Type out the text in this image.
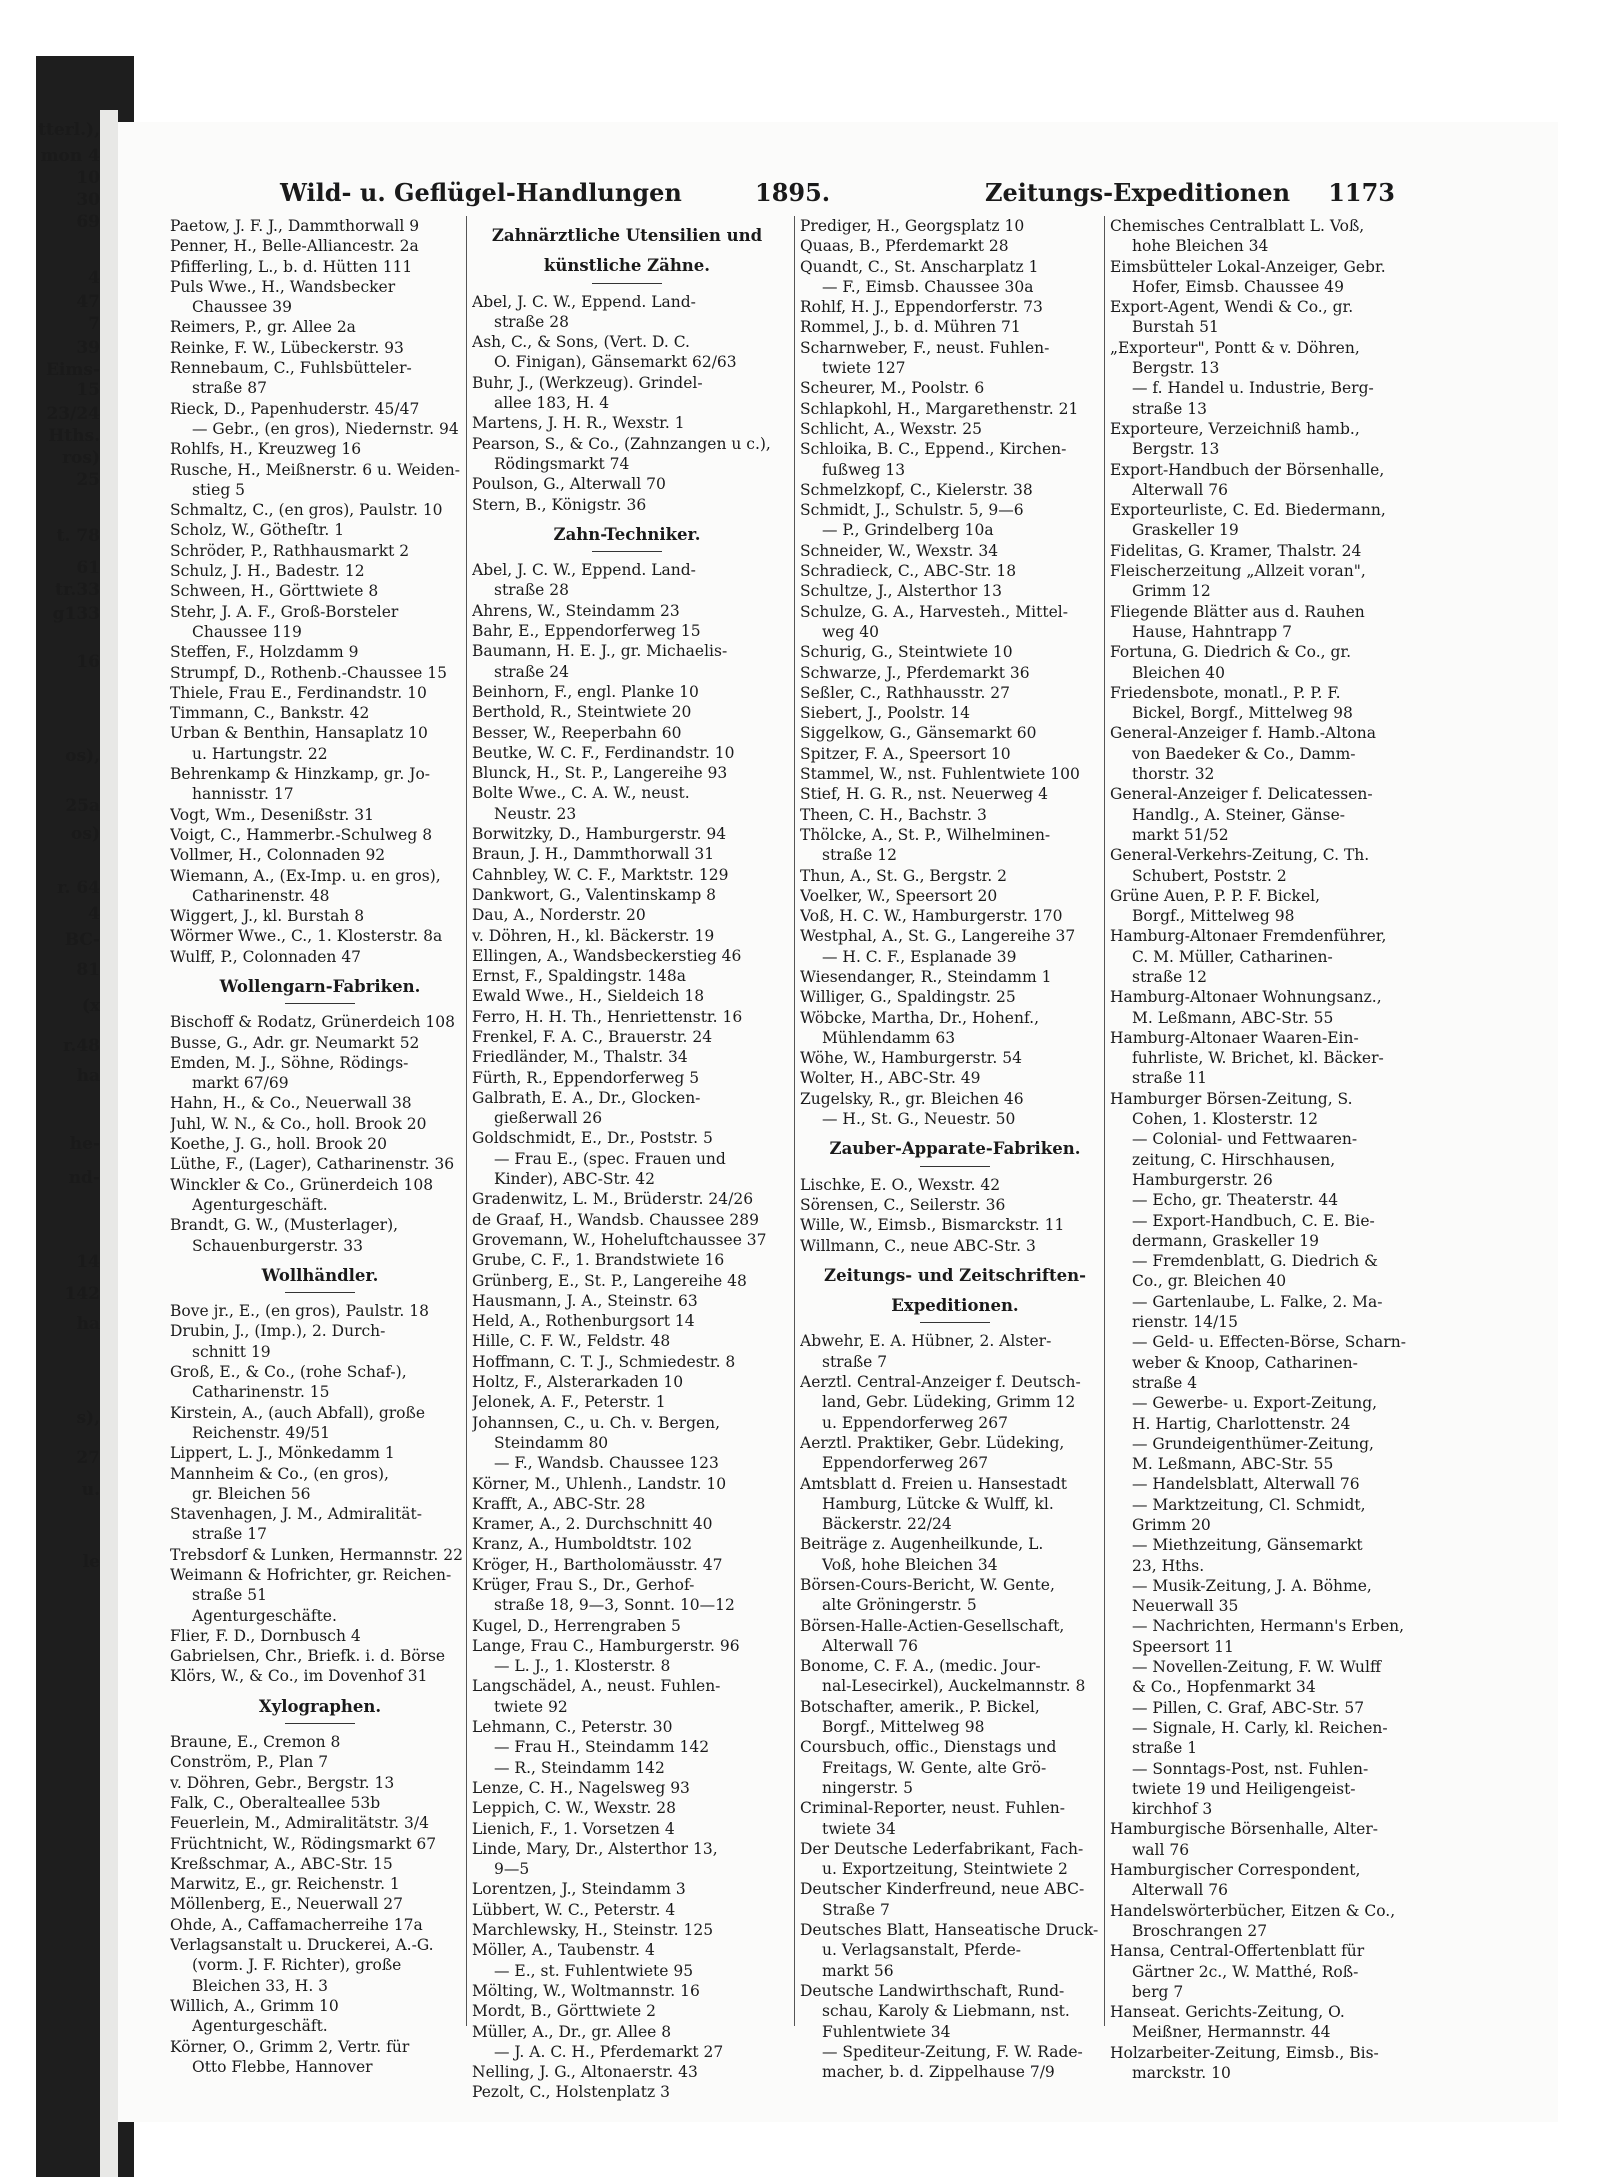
tterl.),
mon 4
10
30
69
4
47
7
39
Eims-
15
23/24
Hths.
ros)
25
t. 78
61
tr.33
g133
16
os),
25a
os)
r. 64
4
BC-
81
(x
r.48
ha
he-
nd-
14
142
ha
s),
27
u.
le
Wild- u. Geflügel-Handlungen	1895.	Zeitungs-Expeditionen 1173
Paetow, J. F. J., Dammthorwall 9
Penner, H., Belle-Alliancestr. 2a
Pfifferling, L., b. d. Hütten 111
Puls Wwe., H., Wandsbecker
Chaussee 39
Reimers, P., gr. Allee 2a
Reinke, F. W., Lübeckerstr. 93
Rennebaum, C., Fuhlsbütteler-
straße 87
Rieck, D., Papenhuderstr. 45/47
— Gebr., (en gros), Niedernstr. 94
Rohlfs, H., Kreuzweg 16
Rusche, H., Meißnerstr. 6 u. Weiden-
stieg 5
Schmaltz, C., (en gros), Paulstr. 10
Scholz, W., Götheſtr. 1
Schröder, P., Rathhausmarkt 2
Schulz, J. H., Badestr. 12
Schween, H., Görttwiete 8
Stehr, J. A. F., Groß-Borsteler
Chaussee 119
Steffen, F., Holzdamm 9
Strumpf, D., Rothenb.-Chaussee 15
Thiele, Frau E., Ferdinandstr. 10
Timmann, C., Bankstr. 42
Urban & Benthin, Hansaplatz 10
u. Hartungstr. 22
Behrenkamp & Hinzkamp, gr. Jo-
hannisstr. 17
Vogt, Wm., Desenißstr. 31
Voigt, C., Hammerbr.-Schulweg 8
Vollmer, H., Colonnaden 92
Wiemann, A., (Ex-Imp. u. en gros),
Catharinenstr. 48
Wiggert, J., kl. Burstah 8
Wörmer Wwe., C., 1. Klosterstr. 8a
Wulff, P., Colonnaden 47
Wollengarn-Fabriken.
Bischoff & Rodatz, Grünerdeich 108
Busse, G., Adr. gr. Neumarkt 52
Emden, M. J., Söhne, Rödings-
markt 67/69
Hahn, H., & Co., Neuerwall 38
Juhl, W. N., & Co., holl. Brook 20
Koethe, J. G., holl. Brook 20
Lüthe, F., (Lager), Catharinenstr. 36
Winckler & Co., Grünerdeich 108
Agenturgeschäft.
Brandt, G. W., (Musterlager),
Schauenburgerstr. 33
Wollhändler.
Bove jr., E., (en gros), Paulstr. 18
Drubin, J., (Imp.), 2. Durch-
schnitt 19
Groß, E., & Co., (rohe Schaf-),
Catharinenstr. 15
Kirstein, A., (auch Abfall), große
Reichenstr. 49/51
Lippert, L. J., Mönkedamm 1
Mannheim & Co., (en gros),
gr. Bleichen 56
Stavenhagen, J. M., Admiralität-
straße 17
Trebsdorf & Lunken, Hermannstr. 22
Weimann & Hofrichter, gr. Reichen-
straße 51
Agenturgeschäfte.
Flier, F. D., Dornbusch 4
Gabrielsen, Chr., Briefk. i. d. Börse
Klörs, W., & Co., im Dovenhof 31
Xylographen.
Braune, E., Cremon 8
Conström, P., Plan 7
v. Döhren, Gebr., Bergstr. 13
Falk, C., Oberalteallee 53b
Feuerlein, M., Admiralitätstr. 3/4
Früchtnicht, W., Rödingsmarkt 67
Kreßschmar, A., ABC-Str. 15
Marwitz, E., gr. Reichenstr. 1
Möllenberg, E., Neuerwall 27
Ohde, A., Caffamacherreihe 17a
Verlagsanstalt u. Druckerei, A.-G.
(vorm. J. F. Richter), große
Bleichen 33, H. 3
Willich, A., Grimm 10
Agenturgeschäft.
Körner, O., Grimm 2, Vertr. für
Otto Flebbe, Hannover
Zahnärztliche Utensilien und
künstliche Zähne.
Abel, J. C. W., Eppend. Land-
straße 28
Ash, C., & Sons, (Vert. D. C.
O. Finigan), Gänsemarkt 62/63
Buhr, J., (Werkzeug). Grindel-
allee 183, H. 4
Martens, J. H. R., Wexstr. 1
Pearson, S., & Co., (Zahnzangen u c.),
Rödingsmarkt 74
Poulson, G., Alterwall 70
Stern, B., Königstr. 36
Zahn-Techniker.
Abel, J. C. W., Eppend. Land-
straße 28
Ahrens, W., Steindamm 23
Bahr, E., Eppendorferweg 15
Baumann, H. E. J., gr. Michaelis-
straße 24
Beinhorn, F., engl. Planke 10
Berthold, R., Steintwiete 20
Besser, W., Reeperbahn 60
Beutke, W. C. F., Ferdinandstr. 10
Blunck, H., St. P., Langereihe 93
Bolte Wwe., C. A. W., neust.
Neustr. 23
Borwitzky, D., Hamburgerstr. 94
Braun, J. H., Dammthorwall 31
Cahnbley, W. C. F., Marktstr. 129
Dankwort, G., Valentinskamp 8
Dau, A., Norderstr. 20
v. Döhren, H., kl. Bäckerstr. 19
Ellingen, A., Wandsbeckerstieg 46
Ernst, F., Spaldingstr. 148a
Ewald Wwe., H., Sieldeich 18
Ferro, H. H. Th., Henriettenstr. 16
Frenkel, F. A. C., Brauerstr. 24
Friedländer, M., Thalstr. 34
Fürth, R., Eppendorferweg 5
Galbrath, E. A., Dr., Glocken-
gießerwall 26
Goldschmidt, E., Dr., Poststr. 5
— Frau E., (spec. Frauen und
Kinder), ABC-Str. 42
Gradenwitz, L. M., Brüderstr. 24/26
de Graaf, H., Wandsb. Chaussee 289
Grovemann, W., Hoheluftchaussee 37
Grube, C. F., 1. Brandstwiete 16
Grünberg, E., St. P., Langereihe 48
Hausmann, J. A., Steinstr. 63
Held, A., Rothenburgsort 14
Hille, C. F. W., Feldstr. 48
Hoffmann, C. T. J., Schmiedestr. 8
Holtz, F., Alsterarkaden 10
Jelonek, A. F., Peterstr. 1
Johannsen, C., u. Ch. v. Bergen,
Steindamm 80
— F., Wandsb. Chaussee 123
Körner, M., Uhlenh., Landstr. 10
Krafft, A., ABC-Str. 28
Kramer, A., 2. Durchschnitt 40
Kranz, A., Humboldtstr. 102
Kröger, H., Bartholomäusstr. 47
Krüger, Frau S., Dr., Gerhof-
straße 18, 9—3, Sonnt. 10—12
Kugel, D., Herrengraben 5
Lange, Frau C., Hamburgerstr. 96
— L. J., 1. Klosterstr. 8
Langschädel, A., neust. Fuhlen-
twiete 92
Lehmann, C., Peterstr. 30
— Frau H., Steindamm 142
— R., Steindamm 142
Lenze, C. H., Nagelsweg 93
Leppich, C. W., Wexstr. 28
Lienich, F., 1. Vorsetzen 4
Linde, Mary, Dr., Alsterthor 13,
9—5
Lorentzen, J., Steindamm 3
Lübbert, W. C., Peterstr. 4
Marchlewsky, H., Steinstr. 125
Möller, A., Taubenstr. 4
— E., st. Fuhlentwiete 95
Mölting, W., Woltmannstr. 16
Mordt, B., Görttwiete 2
Müller, A., Dr., gr. Allee 8
— J. A. C. H., Pferdemarkt 27
Nelling, J. G., Altonaerstr. 43
Pezolt, C., Holstenplatz 3
Prediger, H., Georgsplatz 10
Quaas, B., Pferdemarkt 28
Quandt, C., St. Anscharplatz 1
— F., Eimsb. Chaussee 30a
Rohlf, H. J., Eppendorferstr. 73
Rommel, J., b. d. Mühren 71
Scharnweber, F., neust. Fuhlen-
twiete 127
Scheurer, M., Poolstr. 6
Schlapkohl, H., Margarethenstr. 21
Schlicht, A., Wexstr. 25
Schloika, B. C., Eppend., Kirchen-
fußweg 13
Schmelzkopf, C., Kielerstr. 38
Schmidt, J., Schulstr. 5, 9—6
— P., Grindelberg 10a
Schneider, W., Wexstr. 34
Schradieck, C., ABC-Str. 18
Schultze, J., Alsterthor 13
Schulze, G. A., Harvesteh., Mittel-
weg 40
Schurig, G., Steintwiete 10
Schwarze, J., Pferdemarkt 36
Seßler, C., Rathhausstr. 27
Siebert, J., Poolstr. 14
Siggelkow, G., Gänsemarkt 60
Spitzer, F. A., Speersort 10
Stammel, W., nst. Fuhlentwiete 100
Stief, H. G. R., nst. Neuerweg 4
Theen, C. H., Bachstr. 3
Thölcke, A., St. P., Wilhelminen-
straße 12
Thun, A., St. G., Bergstr. 2
Voelker, W., Speersort 20
Voß, H. C. W., Hamburgerstr. 170
Westphal, A., St. G., Langereihe 37
— H. C. F., Esplanade 39
Wiesendanger, R., Steindamm 1
Williger, G., Spaldingstr. 25
Wöbcke, Martha, Dr., Hohenf.,
Mühlendamm 63
Wöhe, W., Hamburgerstr. 54
Wolter, H., ABC-Str. 49
Zugelsky, R., gr. Bleichen 46
— H., St. G., Neuestr. 50
Zauber-Apparate-Fabriken.
Lischke, E. O., Wexstr. 42
Sörensen, C., Seilerstr. 36
Wille, W., Eimsb., Bismarckstr. 11
Willmann, C., neue ABC-Str. 3
Zeitungs- und Zeitschriften-
Expeditionen.
Abwehr, E. A. Hübner, 2. Alster-
straße 7
Aerztl. Central-Anzeiger f. Deutsch-
land, Gebr. Lüdeking, Grimm 12
u. Eppendorferweg 267
Aerztl. Praktiker, Gebr. Lüdeking,
Eppendorferweg 267
Amtsblatt d. Freien u. Hansestadt
Hamburg, Lütcke & Wulff, kl.
Bäckerstr. 22/24
Beiträge z. Augenheilkunde, L.
Voß, hohe Bleichen 34
Börsen-Cours-Bericht, W. Gente,
alte Gröningerstr. 5
Börsen-Halle-Actien-Gesellschaft,
Alterwall 76
Bonome, C. F. A., (medic. Jour-
nal-Lesecirkel), Auckelmannstr. 8
Botschafter, amerik., P. Bickel,
Borgf., Mittelweg 98
Coursbuch, offic., Dienstags und
Freitags, W. Gente, alte Grö-
ningerstr. 5
Criminal-Reporter, neust. Fuhlen-
twiete 34
Der Deutsche Lederfabrikant, Fach-
u. Exportzeitung, Steintwiete 2
Deutscher Kinderfreund, neue ABC-
Straße 7
Deutsches Blatt, Hanseatische Druck-
u. Verlagsanstalt, Pferde-
markt 56
Deutsche Landwirthschaft, Rund-
schau, Karoly & Liebmann, nst.
Fuhlentwiete 34
— Spediteur-Zeitung, F. W. Rade-
macher, b. d. Zippelhause 7/9
Chemisches Centralblatt L. Voß,
hohe Bleichen 34
Eimsbütteler Lokal-Anzeiger, Gebr.
Hofer, Eimsb. Chaussee 49
Export-Agent, Wendi & Co., gr.
Burstah 51
„Exporteur", Pontt & v. Döhren,
Bergstr. 13
— f. Handel u. Industrie, Berg-
straße 13
Exporteure, Verzeichniß hamb.,
Bergstr. 13
Export-Handbuch der Börsenhalle,
Alterwall 76
Exporteurliste, C. Ed. Biedermann,
Graskeller 19
Fidelitas, G. Kramer, Thalstr. 24
Fleischerzeitung „Allzeit voran",
Grimm 12
Fliegende Blätter aus d. Rauhen
Hause, Hahntrapp 7
Fortuna, G. Diedrich & Co., gr.
Bleichen 40
Friedensbote, monatl., P. P. F.
Bickel, Borgf., Mittelweg 98
General-Anzeiger f. Hamb.-Altona
von Baedeker & Co., Damm-
thorstr. 32
General-Anzeiger f. Delicatessen-
Handlg., A. Steiner, Gänse-
markt 51/52
General-Verkehrs-Zeitung, C. Th.
Schubert, Poststr. 2
Grüne Auen, P. P. F. Bickel,
Borgf., Mittelweg 98
Hamburg-Altonaer Fremdenführer,
C. M. Müller, Catharinen-
straße 12
Hamburg-Altonaer Wohnungsanz.,
M. Leßmann, ABC-Str. 55
Hamburg-Altonaer Waaren-Ein-
fuhrliste, W. Brichet, kl. Bäcker-
straße 11
Hamburger Börsen-Zeitung, S.
Cohen, 1. Klosterstr. 12
— Colonial- und Fettwaaren-
zeitung, C. Hirschhausen,
Hamburgerstr. 26
— Echo, gr. Theaterstr. 44
— Export-Handbuch, C. E. Bie-
dermann, Graskeller 19
— Fremdenblatt, G. Diedrich &
Co., gr. Bleichen 40
— Gartenlaube, L. Falke, 2. Ma-
rienstr. 14/15
— Geld- u. Effecten-Börse, Scharn-
weber & Knoop, Catharinen-
straße 4
— Gewerbe- u. Export-Zeitung,
H. Hartig, Charlottenstr. 24
— Grundeigenthümer-Zeitung,
M. Leßmann, ABC-Str. 55
— Handelsblatt, Alterwall 76
— Marktzeitung, Cl. Schmidt,
Grimm 20
— Miethzeitung, Gänsemarkt
23, Hths.
— Musik-Zeitung, J. A. Böhme,
Neuerwall 35
— Nachrichten, Hermann's Erben,
Speersort 11
— Novellen-Zeitung, F. W. Wulff
& Co., Hopfenmarkt 34
— Pillen, C. Graf, ABC-Str. 57
— Signale, H. Carly, kl. Reichen-
straße 1
— Sonntags-Post, nst. Fuhlen-
twiete 19 und Heiligengeist-
kirchhof 3
Hamburgische Börsenhalle, Alter-
wall 76
Hamburgischer Correspondent,
Alterwall 76
Handelswörterbücher, Eitzen & Co.,
Broschrangen 27
Hansa, Central-Offertenblatt für
Gärtner 2c., W. Matthé, Roß-
berg 7
Hanseat. Gerichts-Zeitung, O.
Meißner, Hermannstr. 44
Holzarbeiter-Zeitung, Eimsb., Bis-
marckstr. 10
